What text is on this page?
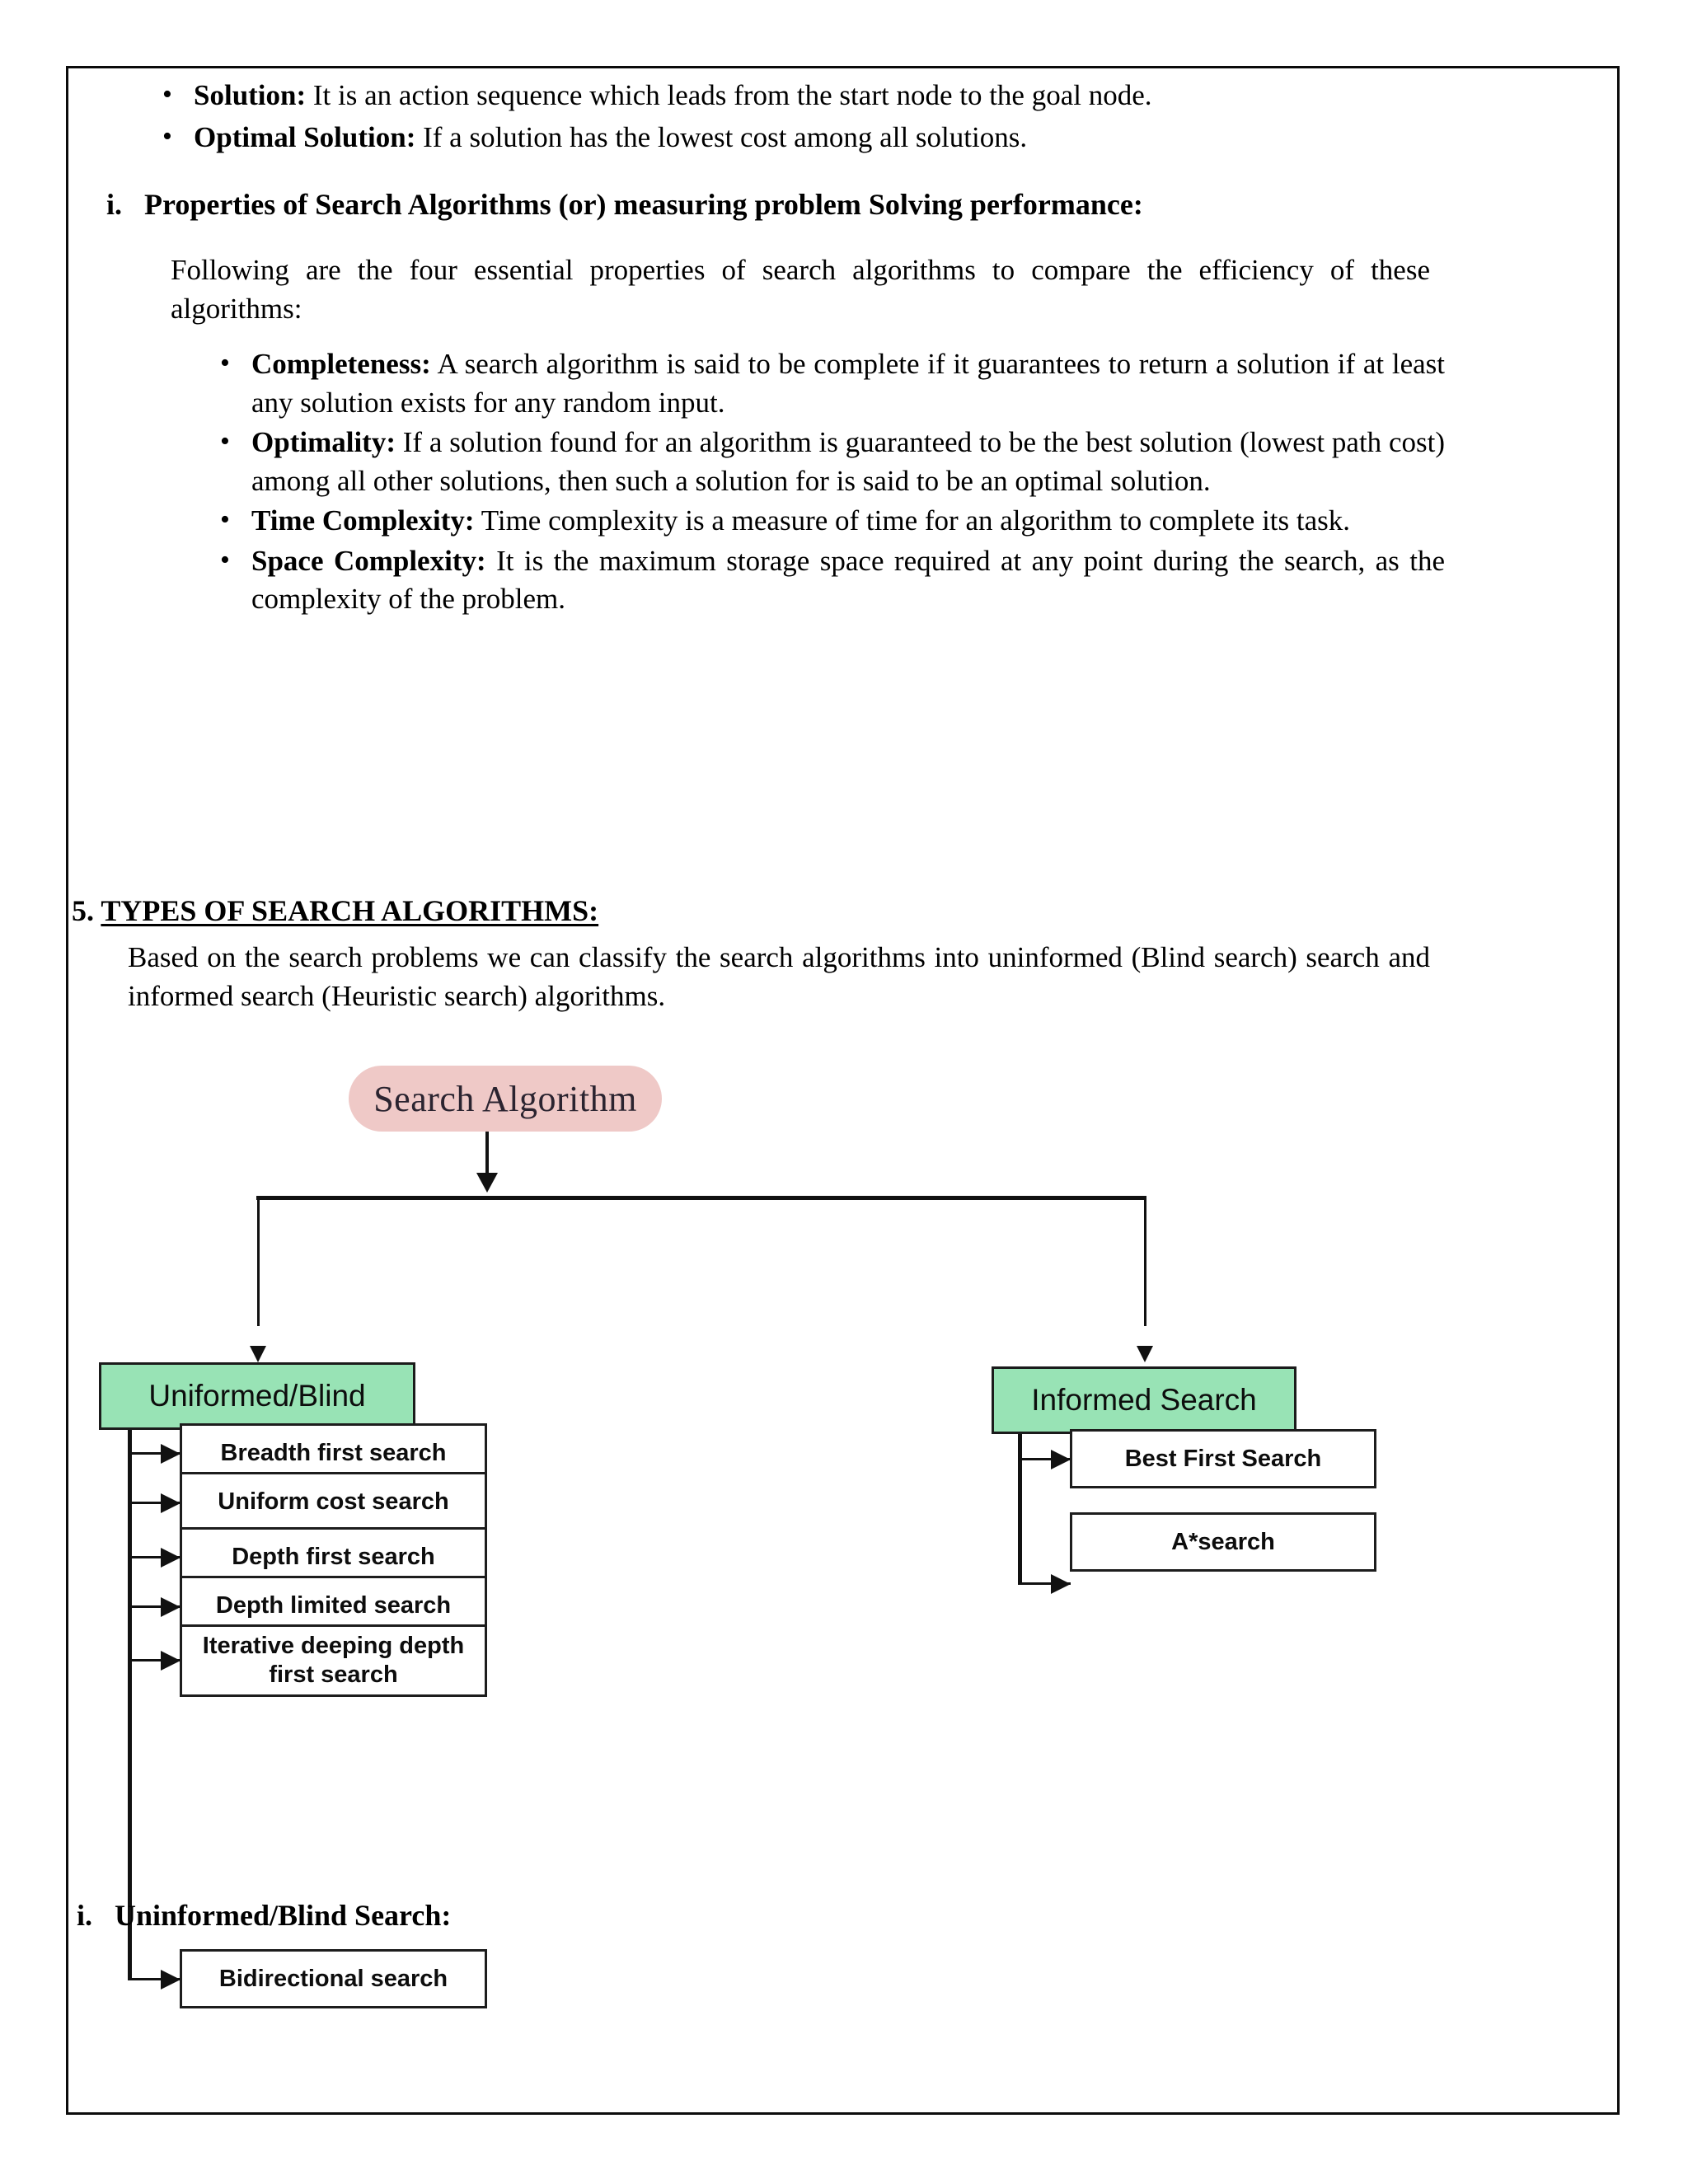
• Solution: It is an action sequence which leads from the start node to the goal node.
• Optimal Solution: If a solution has the lowest cost among all solutions.
i. Properties of Search Algorithms (or) measuring problem Solving performance:
Following are the four essential properties of search algorithms to compare the efficiency of these algorithms:
• Completeness: A search algorithm is said to be complete if it guarantees to return a solution if at least any solution exists for any random input.
• Optimality: If a solution found for an algorithm is guaranteed to be the best solution (lowest path cost) among all other solutions, then such a solution for is said to be an optimal solution.
• Time Complexity: Time complexity is a measure of time for an algorithm to complete its task.
• Space Complexity: It is the maximum storage space required at any point during the search, as the complexity of the problem.
5. TYPES OF SEARCH ALGORITHMS:
Based on the search problems we can classify the search algorithms into uninformed (Blind search) search and informed search (Heuristic search) algorithms.
Search Algorithm
Uniformed/Blind
Breadth first search
Uniform cost search
Depth first search
Depth limited search
Iterative deeping depth first search
Bidirectional search
Informed Search
Best First Search
A*search
i. Uninformed/Blind Search:
